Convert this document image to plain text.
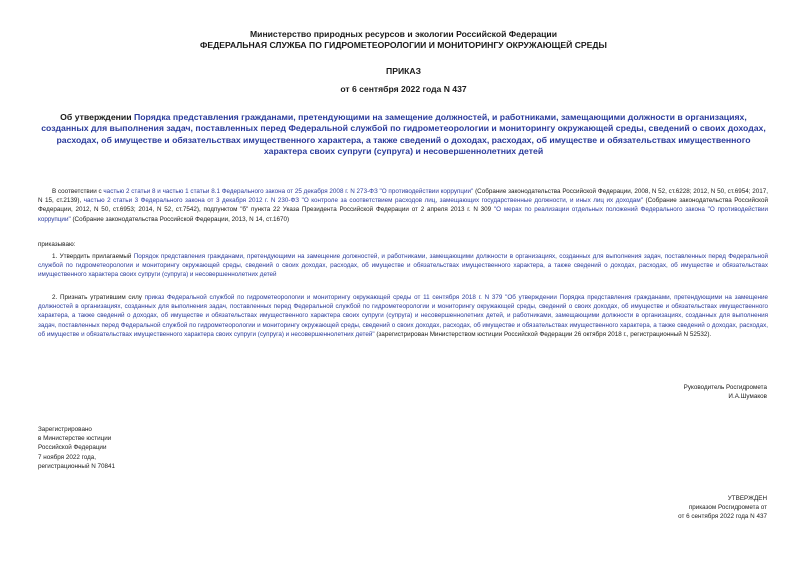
Министерство природных ресурсов и экологии Российской Федерации
ФЕДЕРАЛЬНАЯ СЛУЖБА ПО ГИДРОМЕТЕОРОЛОГИИ И МОНИТОРИНГУ ОКРУЖАЮЩЕЙ СРЕДЫ
ПРИКАЗ
от 6 сентября 2022 года N 437
Об утверждении Порядка представления гражданами, претендующими на замещение должностей, и работниками, замещающими должности в организациях, созданных для выполнения задач, поставленных перед Федеральной службой по гидрометеорологии и мониторингу окружающей среды, сведений о своих доходах, расходах, об имуществе и обязательствах имущественного характера, а также сведений о доходах, расходах, об имуществе и обязательствах имущественного характера своих супруги (супруга) и несовершеннолетних детей
В соответствии с частью 2 статьи 8 и частью 1 статьи 8.1 Федерального закона от 25 декабря 2008 г. N 273-ФЗ "О противодействии коррупции" (Собрание законодательства Российской Федерации, 2008, N 52, ст.6228; 2012, N 50, ст.6954; 2017, N 15, ст.2139), частью 2 статьи 3 Федерального закона от 3 декабря 2012 г. N 230-ФЗ "О контроле за соответствием расходов лиц, замещающих государственные должности, и иных лиц их доходам" (Собрание законодательства Российской Федерации, 2012, N 50, ст.6953; 2014, N 52, ст.7542), подпунктом "б" пункта 22 Указа Президента Российской Федерации от 2 апреля 2013 г. N 309 "О мерах по реализации отдельных положений Федерального закона "О противодействии коррупции" (Собрание законодательства Российской Федерации, 2013, N 14, ст.1670)
приказываю:
1. Утвердить прилагаемый Порядок представления гражданами, претендующими на замещение должностей, и работниками, замещающими должности в организациях, созданных для выполнения задач, поставленных перед Федеральной службой по гидрометеорологии и мониторингу окружающей среды, сведений о своих доходах, расходах, об имуществе и обязательствах имущественного характера, а также сведений о доходах, расходах, об имуществе и обязательствах имущественного характера своих супруги (супруга) и несовершеннолетних детей
2. Признать утратившим силу приказ Федеральной службой по гидрометеорологии и мониторингу окружающей среды от 11 сентября 2018 г. N 379 "Об утверждении Порядка представления гражданами, претендующими на замещение должностей в организациях, созданных для выполнения задач, поставленных перед Федеральной службой по гидрометеорологии и мониторингу окружающей среды, сведений о своих доходах, об имуществе и обязательствах имущественного характера, а также сведений о доходах, об имуществе и обязательствах имущественного характера своих супруги (супруга) и несовершеннолетних детей, и работниками, замещающими должности в организациях, созданных для выполнения задач, поставленных перед Федеральной службой по гидрометеорологии и мониторингу окружающей среды, сведений о своих доходах, расходах, об имуществе и обязательствах имущественного характера, а также сведений о доходах, расходах, об имуществе и обязательствах имущественного характера своих супруги (супруга) и несовершеннолетних детей" (зарегистрирован Министерством юстиции Российской Федерации 26 октября 2018 г., регистрационный N 52532).
Руководитель Росгидромета
И.А.Шумаков
Зарегистрировано
в Министерстве юстиции
Российской Федерации
7 ноября 2022 года,
регистрационный N 70841
УТВЕРЖДЕН
приказом Росгидромета от
от 6 сентября 2022 года N 437
